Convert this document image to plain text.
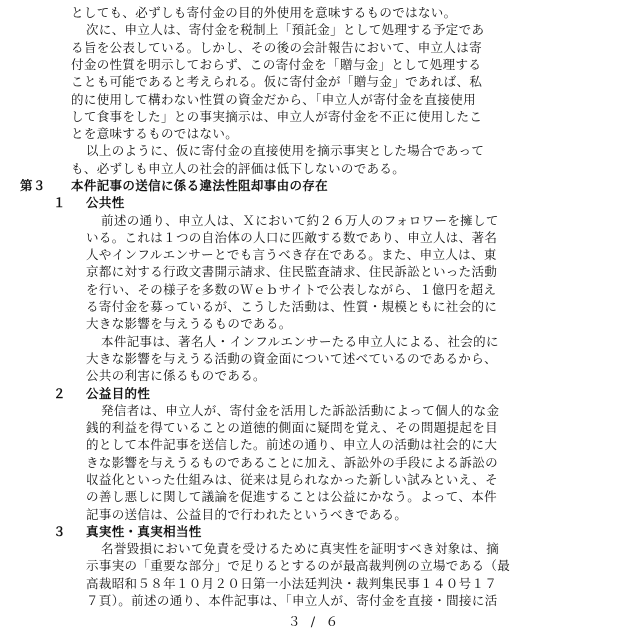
としても、必ずしも寄付金の目的外使用を意味するものではない。
次に、申立人は、寄付金を税制上「預託金」として処理する予定であ
る旨を公表している。しかし、その後の会計報告において、申立人は寄
付金の性質を明示しておらず、この寄付金を「贈与金」として処理する
ことも可能であると考えられる。仮に寄付金が「贈与金」であれば、私
的に使用して構わない性質の資金だから、「申立人が寄付金を直接使用
して食事をした」との事実摘示は、申立人が寄付金を不正に使用したこ
とを意味するものではない。
以上のように、仮に寄付金の直接使用を摘示事実とした場合であって
も、必ずしも申立人の社会的評価は低下しないのである。
第３ 本件記事の送信に係る違法性阻却事由の存在
１ 公共性
前述の通り、申立人は、Ｘにおいて約２６万人のフォロワーを擁して
いる。これは１つの自治体の人口に匹敵する数であり、申立人は、著名
人やインフルエンサーとでも言うべき存在である。また、申立人は、東
京都に対する行政文書開示請求、住民監査請求、住民訴訟といった活動
を行い、その様子を多数のＷｅｂサイトで公表しながら、１億円を超え
る寄付金を募っているが、こうした活動は、性質・規模ともに社会的に
大きな影響を与えうるものである。
本件記事は、著名人・インフルエンサーたる申立人による、社会的に
大きな影響を与えうる活動の資金面について述べているのであるから、
公共の利害に係るものである。
２ 公益目的性
発信者は、申立人が、寄付金を活用した訴訟活動によって個人的な金
銭的利益を得ていることの道徳的側面に疑問を覚え、その問題提起を目
的として本件記事を送信した。前述の通り、申立人の活動は社会的に大
きな影響を与えうるものであることに加え、訴訟外の手段による訴訟の
収益化といった仕組みは、従来は見られなかった新しい試みといえ、そ
の善し悪しに関して議論を促進することは公益にかなう。よって、本件
記事の送信は、公益目的で行われたというべきである。
３ 真実性・真実相当性
名誉毀損において免責を受けるために真実性を証明すべき対象は、摘
示事実の「重要な部分」で足りるとするのが最高裁判例の立場である（最
高裁昭和５８年１０月２０日第一小法廷判決・裁判集民事１４０号１７
７頁）。前述の通り、本件記事は、「申立人が、寄付金を直接・間接に活
３ / ６
